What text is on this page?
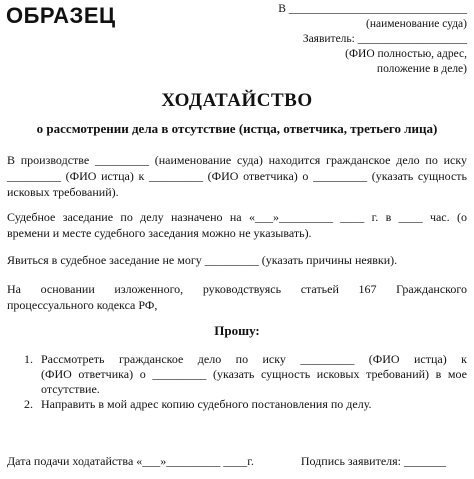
ОБРАЗЕЦ	В _______________________________
(наименование суда)
Заявитель: ___________________
(ФИО полностью, адрес,
положение в деле)
ХОДАТАЙСТВО
о рассмотрении дела в отсутствие (истца, ответчика, третьего лица)
В производстве _________ (наименование суда) находится гражданское дело по иску
_________ (ФИО истца) к _________ (ФИО ответчика) о _________ (указать сущность
исковых требований).
Судебное заседание по делу назначено на «___»_________ ____ г. в ____ час. (о
времени и месте судебного заседания можно не указывать).
Явиться в судебное заседание не могу _________ (указать причины неявки).
На основании изложенного, руководствуясь статьей 167 Гражданского
процессуального кодекса РФ,
Прошу:
1. Рассмотреть гражданское дело по иску _________ (ФИО истца) к
(ФИО ответчика) о _________ (указать сущность исковых требований) в мое
отсутствие.
2. Направить в мой адрес копию судебного постановления по делу.
Дата подачи ходатайства «___»_________ ____г.	Подпись заявителя: _______
